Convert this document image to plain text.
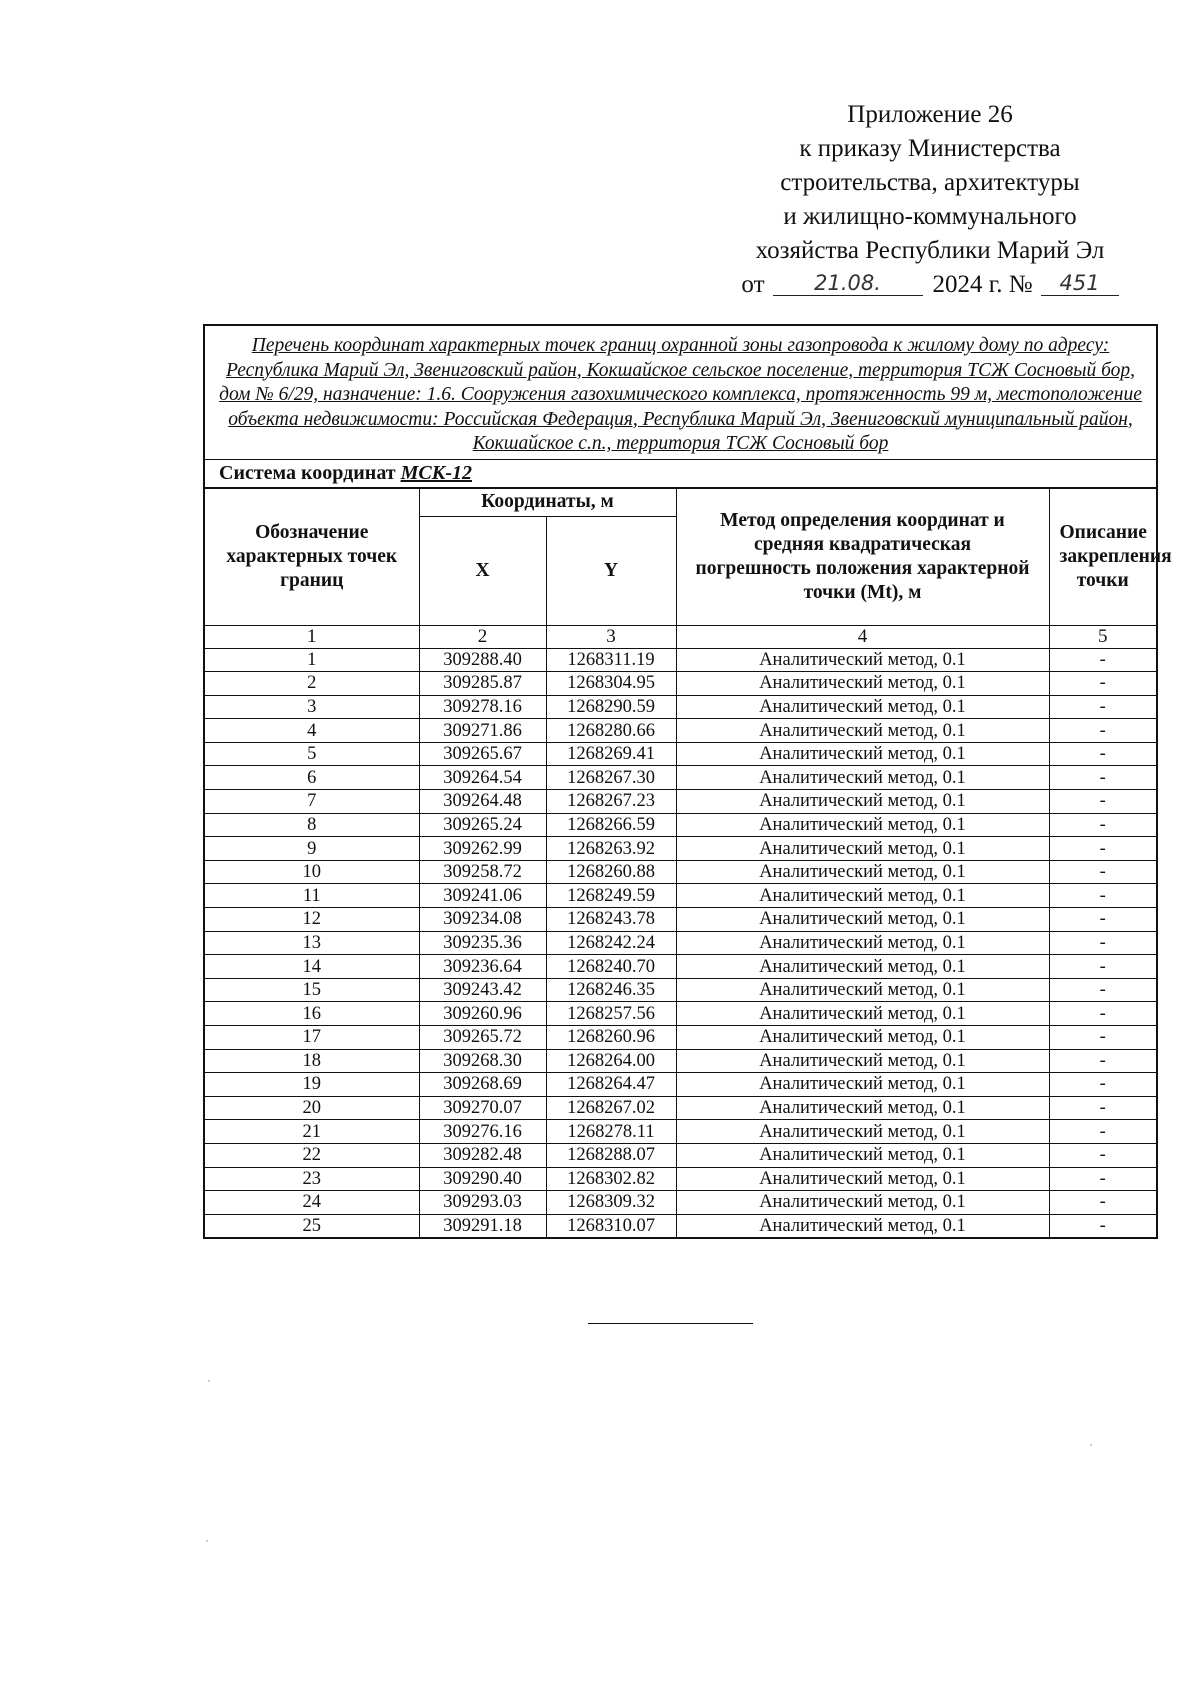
Приложение 26
к приказу Министерства
строительства, архитектуры
и жилищно-коммунального
хозяйства Республики Марий Эл
от 21.08. 2024 г. № 451
Перечень координат характерных точек границ охранной зоны газопровода к жилому дому по адресу: Республика Марий Эл, Звениговский район, Кокшайское сельское поселение, территория ТСЖ Сосновый бор, дом № 6/29, назначение: 1.6. Сооружения газохимического комплекса, протяженность 99 м, местоположение объекта недвижимости: Российская Федерация, Республика Марий Эл, Звениговский муниципальный район, Кокшайское с.п., территория ТСЖ Сосновый бор				
Система координат МСК-12				
Обозначение характерных точек границ	Координаты, м		Метод определения координат и средняя квадратическая погрешность положения характерной точки (Mt), м	Описание закрепления точки
	X	Y		
1	2	3	4	5
1	309288.40	1268311.19	Аналитический метод, 0.1	-
2	309285.87	1268304.95	Аналитический метод, 0.1	-
3	309278.16	1268290.59	Аналитический метод, 0.1	-
4	309271.86	1268280.66	Аналитический метод, 0.1	-
5	309265.67	1268269.41	Аналитический метод, 0.1	-
6	309264.54	1268267.30	Аналитический метод, 0.1	-
7	309264.48	1268267.23	Аналитический метод, 0.1	-
8	309265.24	1268266.59	Аналитический метод, 0.1	-
9	309262.99	1268263.92	Аналитический метод, 0.1	-
10	309258.72	1268260.88	Аналитический метод, 0.1	-
11	309241.06	1268249.59	Аналитический метод, 0.1	-
12	309234.08	1268243.78	Аналитический метод, 0.1	-
13	309235.36	1268242.24	Аналитический метод, 0.1	-
14	309236.64	1268240.70	Аналитический метод, 0.1	-
15	309243.42	1268246.35	Аналитический метод, 0.1	-
16	309260.96	1268257.56	Аналитический метод, 0.1	-
17	309265.72	1268260.96	Аналитический метод, 0.1	-
18	309268.30	1268264.00	Аналитический метод, 0.1	-
19	309268.69	1268264.47	Аналитический метод, 0.1	-
20	309270.07	1268267.02	Аналитический метод, 0.1	-
21	309276.16	1268278.11	Аналитический метод, 0.1	-
22	309282.48	1268288.07	Аналитический метод, 0.1	-
23	309290.40	1268302.82	Аналитический метод, 0.1	-
24	309293.03	1268309.32	Аналитический метод, 0.1	-
25	309291.18	1268310.07	Аналитический метод, 0.1	-
